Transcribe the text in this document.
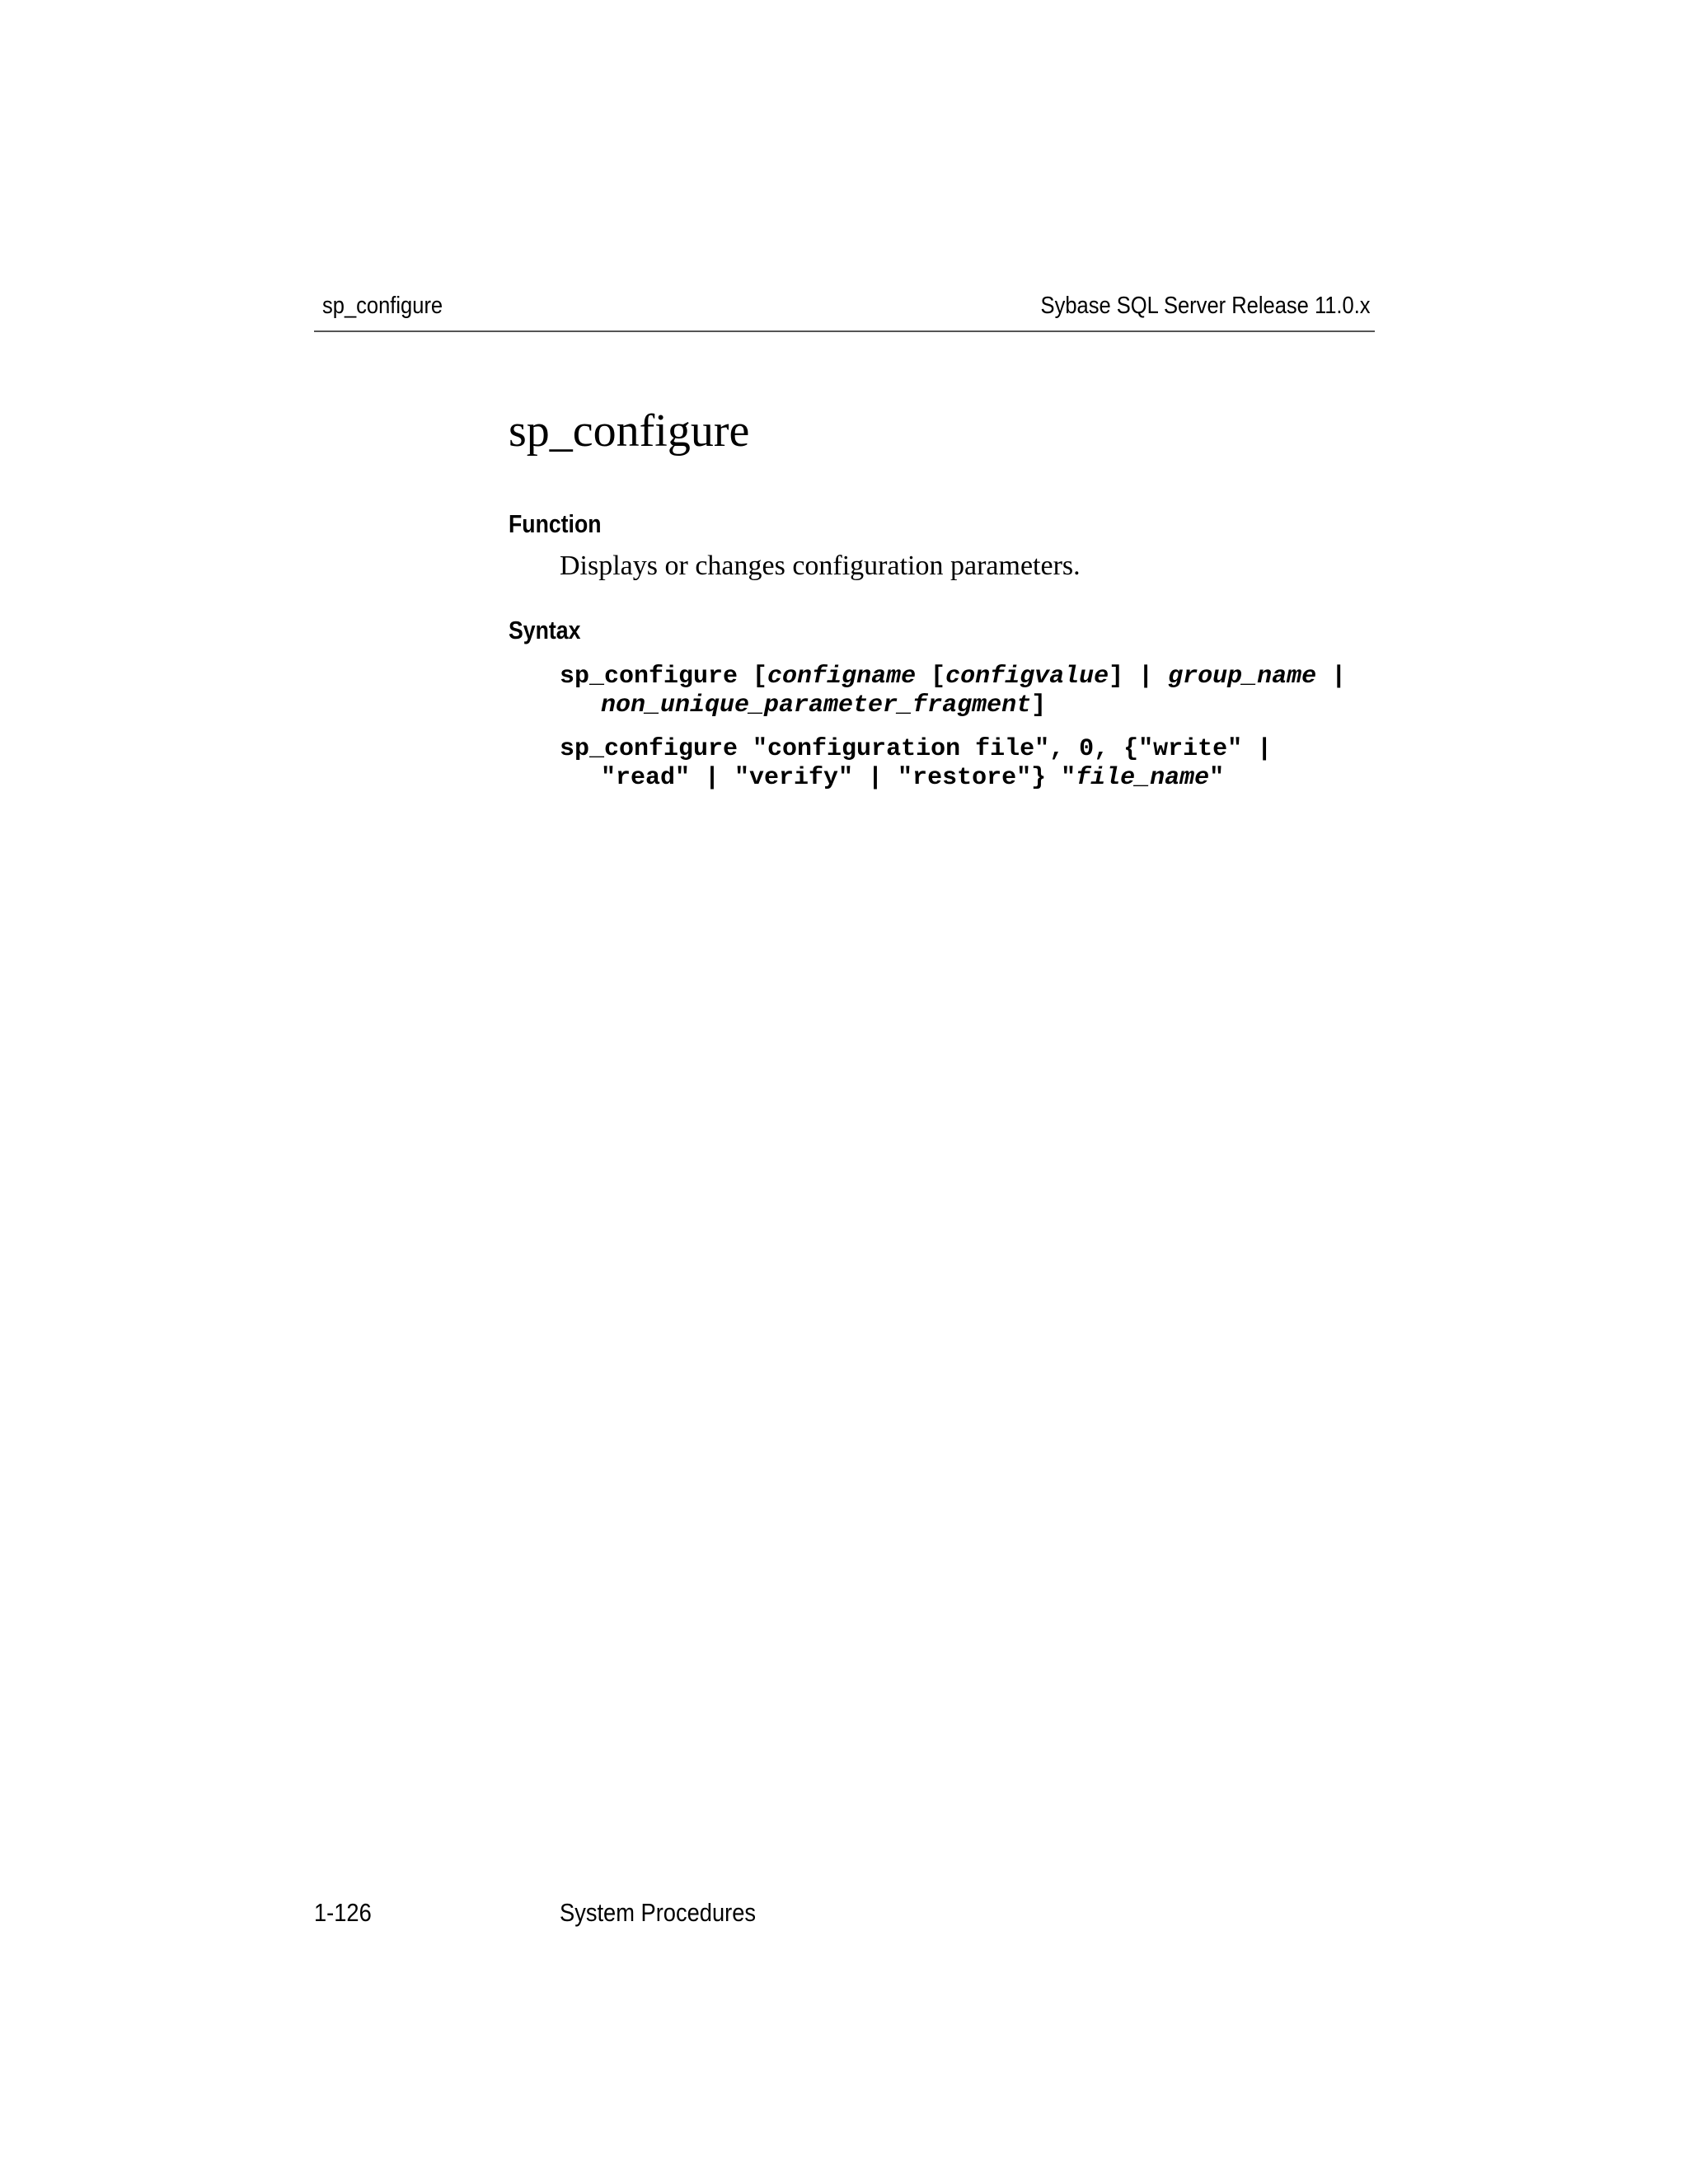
sp_configure	Sybase SQL Server Release 11.0.x
sp_configure
Function
Displays or changes configuration parameters.
Syntax
sp_configure [configname [configvalue] | group_name |
non_unique_parameter_fragment]
sp_configure "configuration file", 0, {"write" |
"read" | "verify" | "restore"} "file_name"
1-126	System Procedures
